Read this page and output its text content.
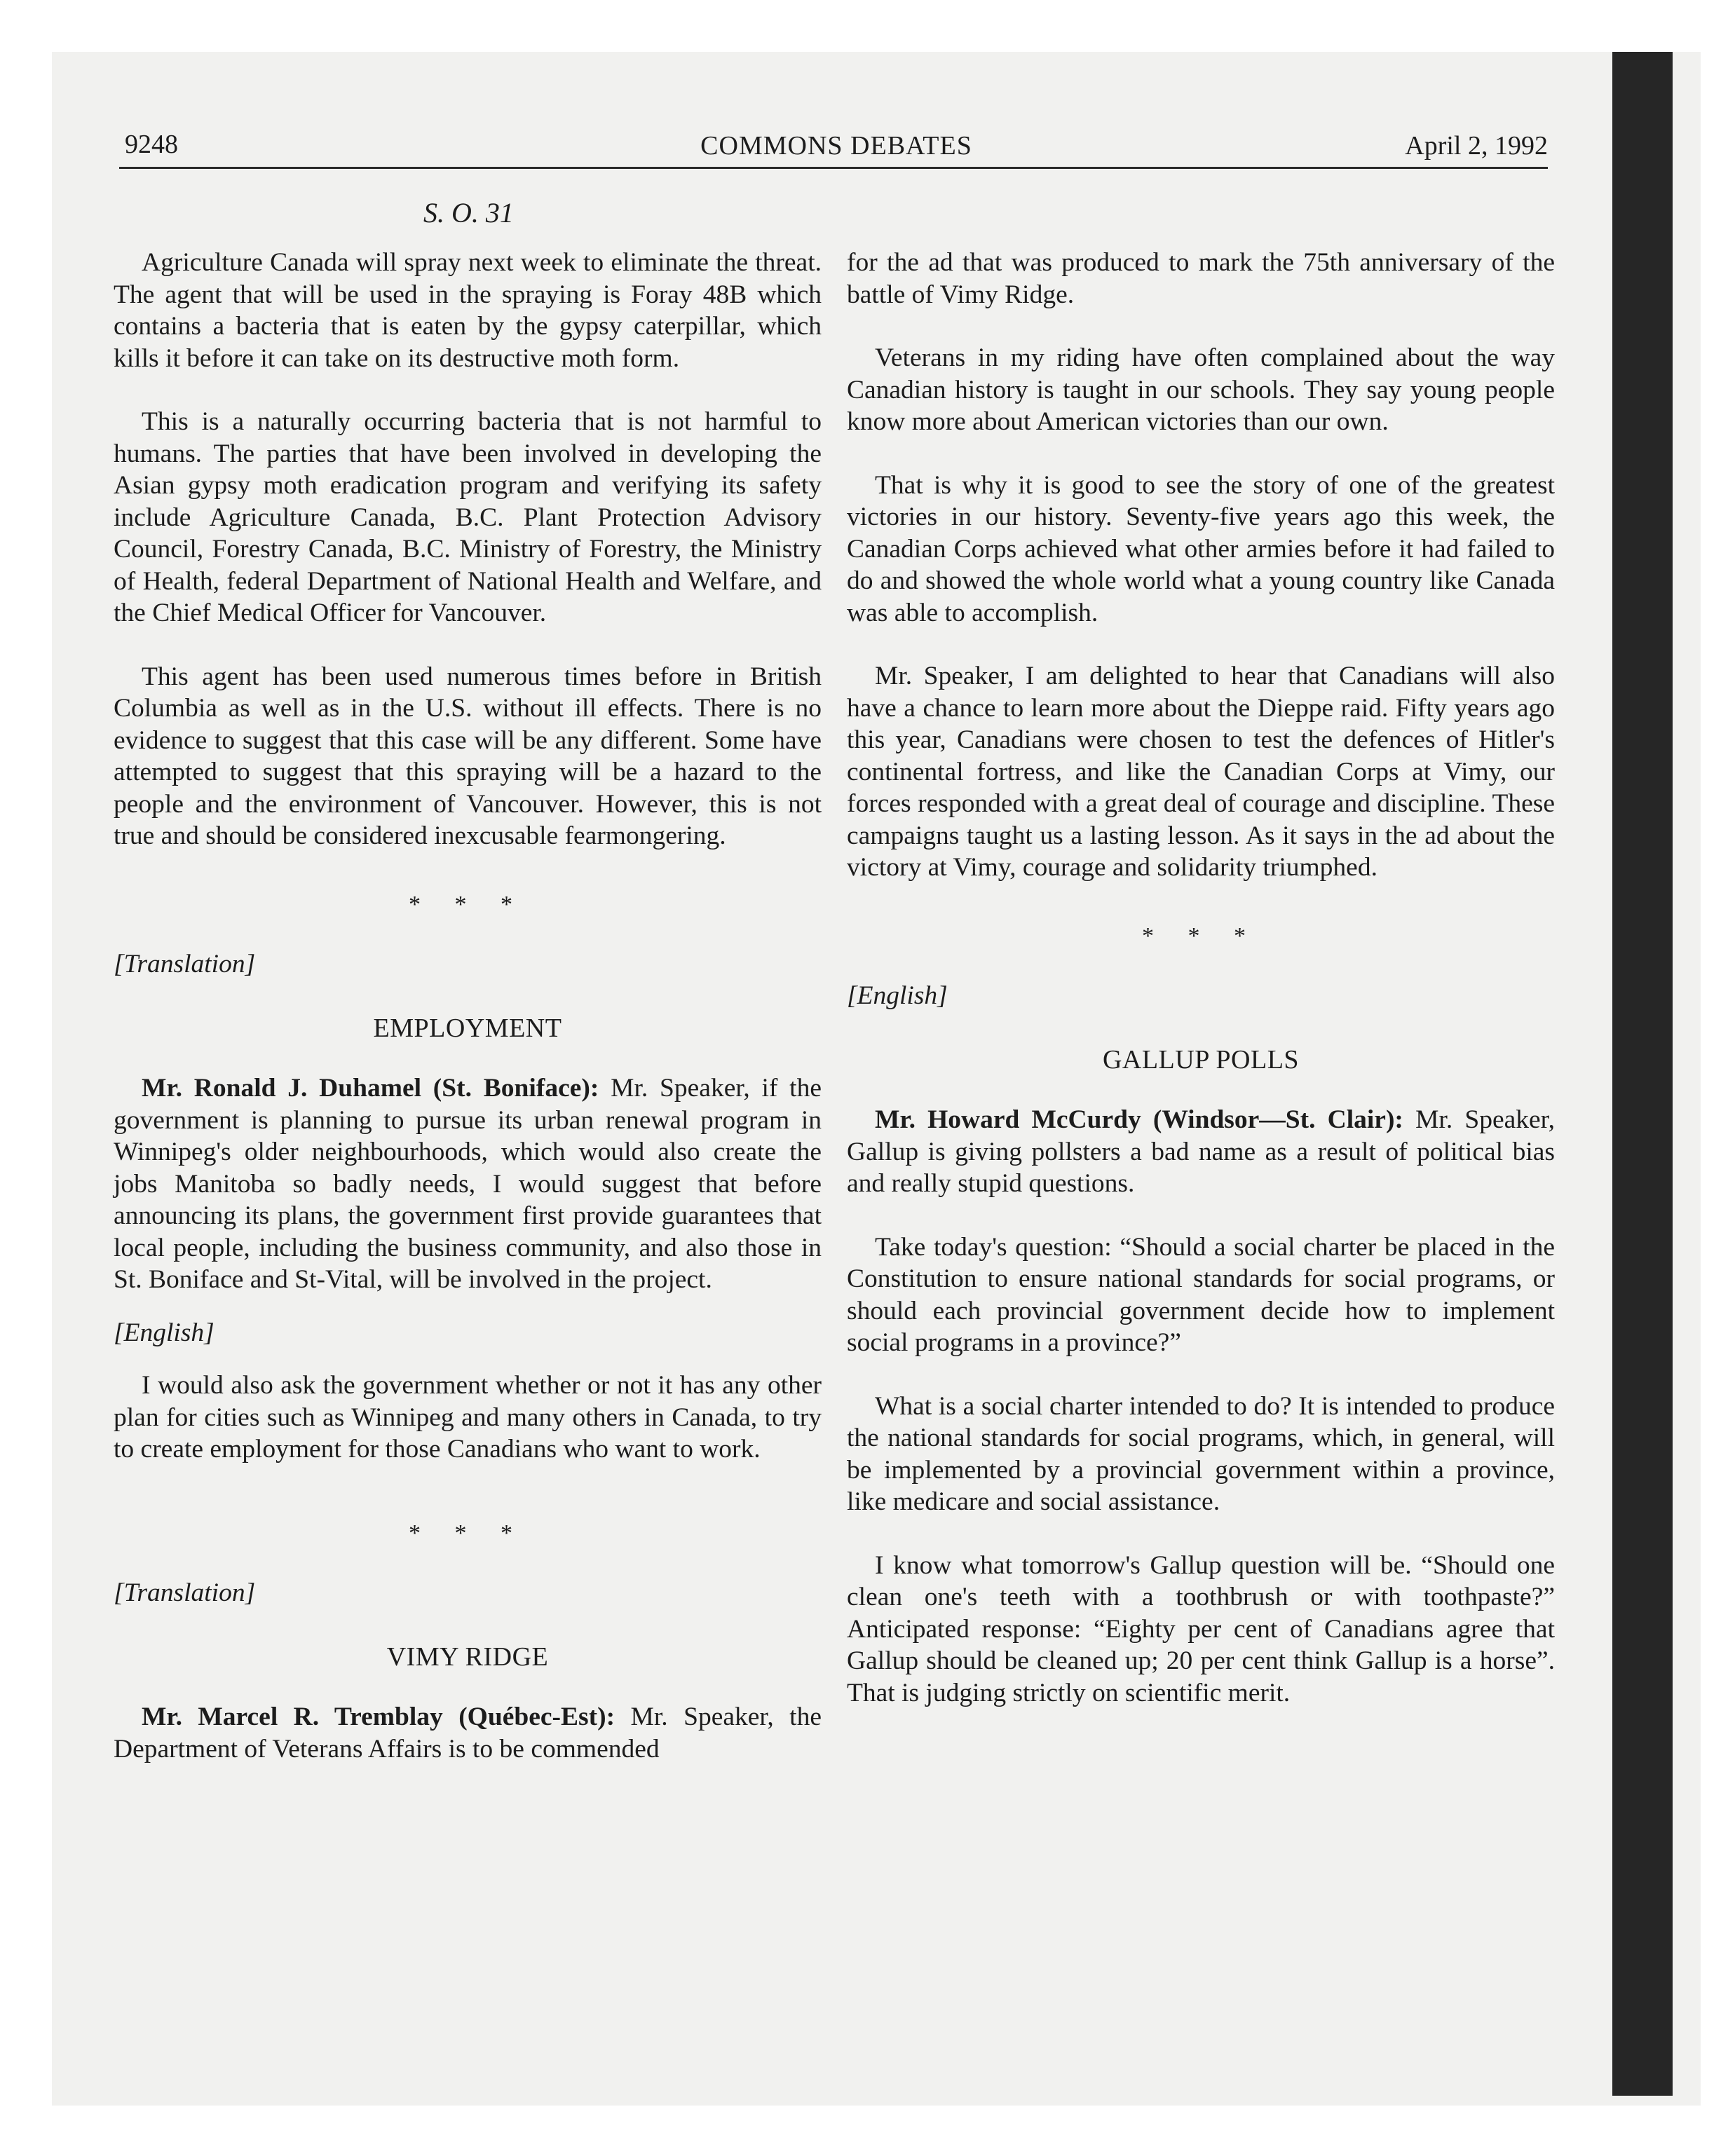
9248	COMMONS DEBATES	April 2, 1992
S. O. 31

Agriculture Canada will spray next week to eliminate the threat. The agent that will be used in the spraying is Foray 48B which contains a bacteria that is eaten by the gypsy caterpillar, which kills it before it can take on its destructive moth form.

This is a naturally occurring bacteria that is not harmful to humans. The parties that have been involved in developing the Asian gypsy moth eradication program and verifying its safety include Agriculture Canada, B.C. Plant Protection Advisory Council, Forestry Canada, B.C. Ministry of Forestry, the Ministry of Health, federal Department of National Health and Welfare, and the Chief Medical Officer for Vancouver.

This agent has been used numerous times before in British Columbia as well as in the U.S. without ill effects. There is no evidence to suggest that this case will be any different. Some have attempted to suggest that this spraying will be a hazard to the people and the environment of Vancouver. However, this is not true and should be considered inexcusable fearmongering.

* * *
[Translation]
EMPLOYMENT

Mr. Ronald J. Duhamel (St. Boniface): Mr. Speaker, if the government is planning to pursue its urban renewal program in Winnipeg's older neighbourhoods, which would also create the jobs Manitoba so badly needs, I would suggest that before announcing its plans, the government first provide guarantees that local people, including the business community, and also those in St. Boniface and St-Vital, will be involved in the project.

[English]

I would also ask the government whether or not it has any other plan for cities such as Winnipeg and many others in Canada, to try to create employment for those Canadians who want to work.

* * *
[Translation]
VIMY RIDGE

Mr. Marcel R. Tremblay (Québec-Est): Mr. Speaker, the Department of Veterans Affairs is to be commended

for the ad that was produced to mark the 75th anniversary of the battle of Vimy Ridge.

Veterans in my riding have often complained about the way Canadian history is taught in our schools. They say young people know more about American victories than our own.

That is why it is good to see the story of one of the greatest victories in our history. Seventy-five years ago this week, the Canadian Corps achieved what other armies before it had failed to do and showed the whole world what a young country like Canada was able to accomplish.

Mr. Speaker, I am delighted to hear that Canadians will also have a chance to learn more about the Dieppe raid. Fifty years ago this year, Canadians were chosen to test the defences of Hitler's continental fortress, and like the Canadian Corps at Vimy, our forces responded with a great deal of courage and discipline. These campaigns taught us a lasting lesson. As it says in the ad about the victory at Vimy, courage and solidarity triumphed.

* * *
[English]
GALLUP POLLS

Mr. Howard McCurdy (Windsor—St. Clair): Mr. Speaker, Gallup is giving pollsters a bad name as a result of political bias and really stupid questions.

Take today's question: “Should a social charter be placed in the Constitution to ensure national standards for social programs, or should each provincial government decide how to implement social programs in a province?”

What is a social charter intended to do? It is intended to produce the national standards for social programs, which, in general, will be implemented by a provincial government within a province, like medicare and social assistance.

I know what tomorrow's Gallup question will be. “Should one clean one's teeth with a toothbrush or with toothpaste?” Anticipated response: “Eighty per cent of Canadians agree that Gallup should be cleaned up; 20 per cent think Gallup is a horse”. That is judging strictly on scientific merit.
